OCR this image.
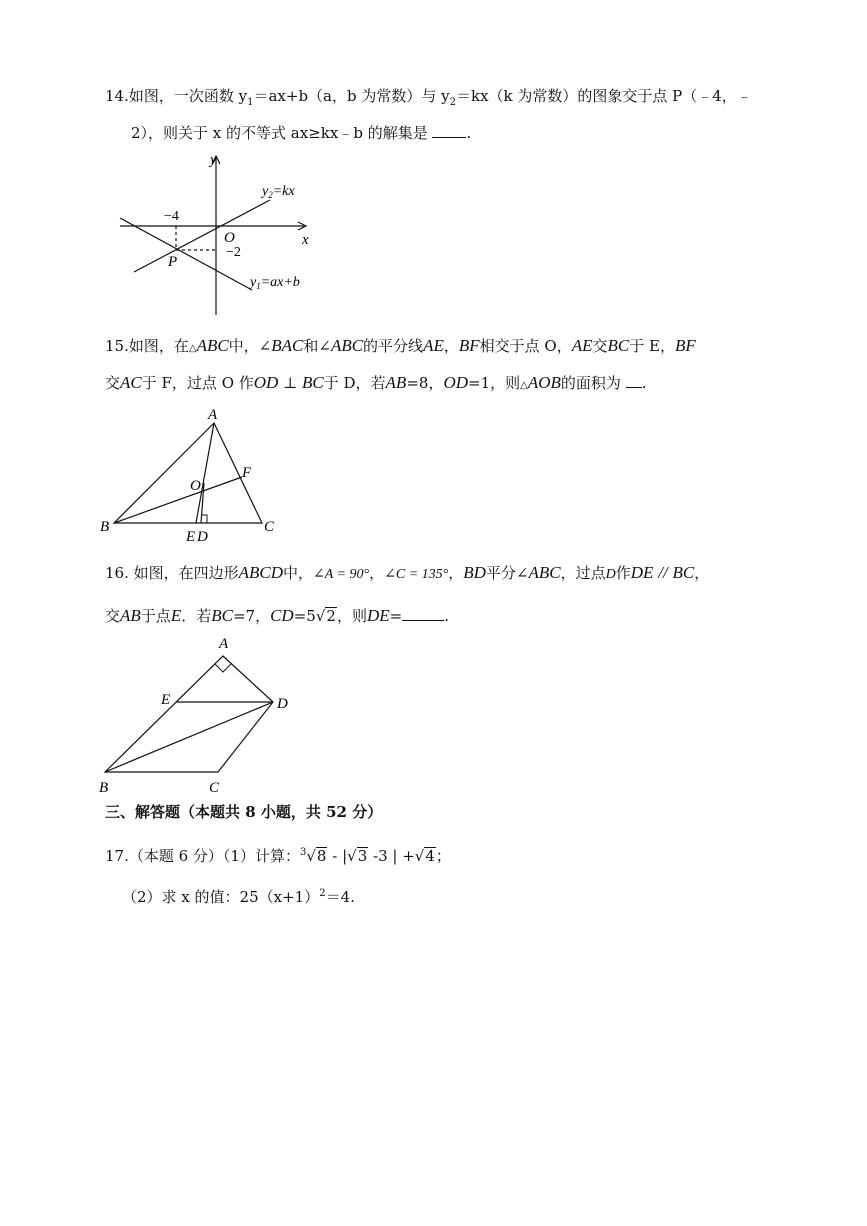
14.如图，一次函数 $y_1=ax+b(a$，b 为常数）与 $y_2=kx(k$ 为常数）的图象交于点 P（﹣4，﹣
2），则关于 x 的不等式 ax≥kx﹣b 的解集是	.
y
x
O
P
−4
−2
$y_2=kx$
$y_1=ax+b$
15.如图，在△ABC中，∠BAC和∠ABC的平分线AE，BF相交于点 O，AE交BC于 E，BF
交AC于 F，过点 O 作OD ⊥ BC于 D，若AB=8，OD=1，则△AOB的面积为 .
A
B	C
F
O
E D
16. 如图，在四边形ABCD中，∠A = 90°，∠C = 135°，BD平分∠ABC，过点D作DE // BC，
交AB于点E．若BC=7，CD=5√2，则DE=	.
A
D
E
B	C
三、解答题（本题共 8 小题，共 52 分）
17.（本题 6 分）（1）计算：$^3$√8 - |√3 -3 | +√4；
（2）求 x 的值：$25(x+1)^2=4$.
